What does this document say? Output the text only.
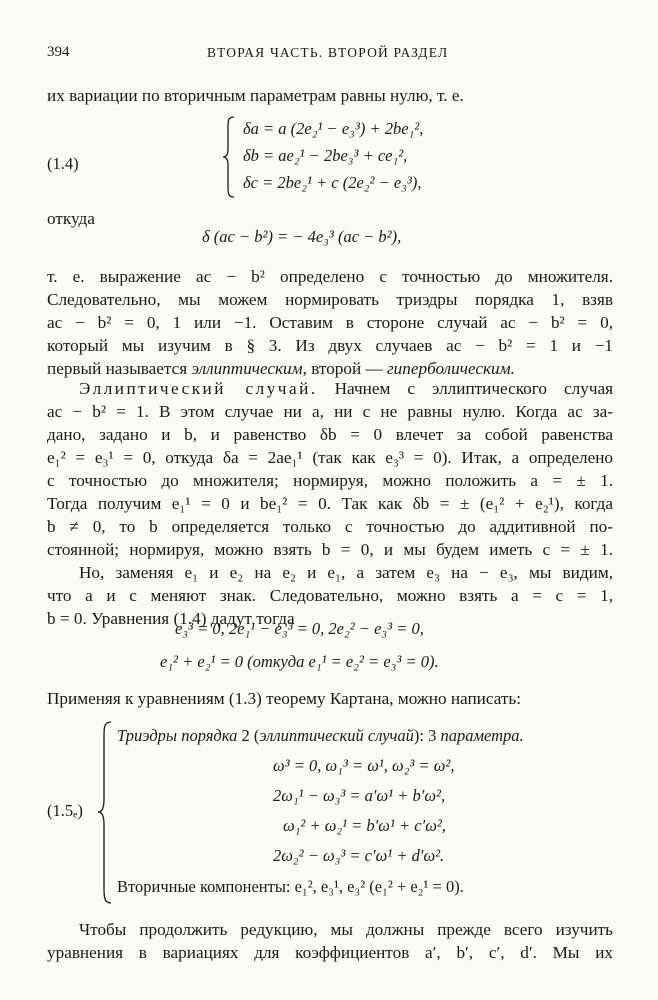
394	ВТОРАЯ ЧАСТЬ. ВТОРОЙ РАЗДЕЛ
их вариации по вторичным параметрам равны нулю, т. е.
(1.4)
δa = a (2e₂¹ − e₃³) + 2be₁²,
δb = ae₂¹ − 2be₃³ + ce₁²,
δc = 2be₂¹ + c (2e₂² − e₃³),
откуда
δ (ac − b²) = − 4e₃³ (ac − b²),
т. е. выражение ac − b² определено с точностью до множителя.
Следовательно, мы можем нормировать триэдры порядка 1, взяв
ac − b² = 0, 1 или −1. Оставим в стороне случай ac − b² = 0,
который мы изучим в § 3. Из двух случаев ac − b² = 1 и −1
первый называется эллиптическим, второй — гиперболическим.
Эллиптический случай. Начнем с эллиптического случая
ac − b² = 1. В этом случае ни a, ни c не равны нулю. Когда ac за-
дано, задано и b, и равенство δb = 0 влечет за собой равенства
e₁² = e₃¹ = 0, откуда δa = 2ae₁¹ (так как e₃³ = 0). Итак, a определено
с точностью до множителя; нормируя, можно положить a = ± 1.
Тогда получим e₁¹ = 0 и be₁² = 0. Так как δb = ± (e₁² + e₂¹), когда
b ≠ 0, то b определяется только с точностью до аддитивной по-
стоянной; нормируя, можно взять b = 0, и мы будем иметь c = ± 1.
Но, заменяя e₁ и e₂ на e₂ и e₁, а затем e₃ на − e₃, мы видим,
что a и c меняют знак. Следовательно, можно взять a = c = 1,
b = 0. Уравнения (1.4) дадут тогда
e₃³ = 0, 2e₁¹ − e₃³ = 0, 2e₂² − e₃³ = 0,
e₁² + e₂¹ = 0 (откуда e₁¹ = e₂² = e₃³ = 0).
Применяя к уравнениям (1.3) теорему Картана, можно написать:
(1.5ₑ)
Триэдры порядка 2 (эллиптический случай): 3 параметра.
ω³ = 0, ω₁³ = ω¹, ω₂³ = ω²,
2ω₁¹ − ω₃³ = a′ω¹ + b′ω²,
ω₁² + ω₂¹ = b′ω¹ + c′ω²,
2ω₂² − ω₃³ = c′ω¹ + d′ω².
Вторичные компоненты: e₁², e₃¹, e₃² (e₁² + e₂¹ = 0).
Чтобы продолжить редукцию, мы должны прежде всего изучить
уравнения в вариациях для коэффициентов a′, b′, c′, d′. Мы их
